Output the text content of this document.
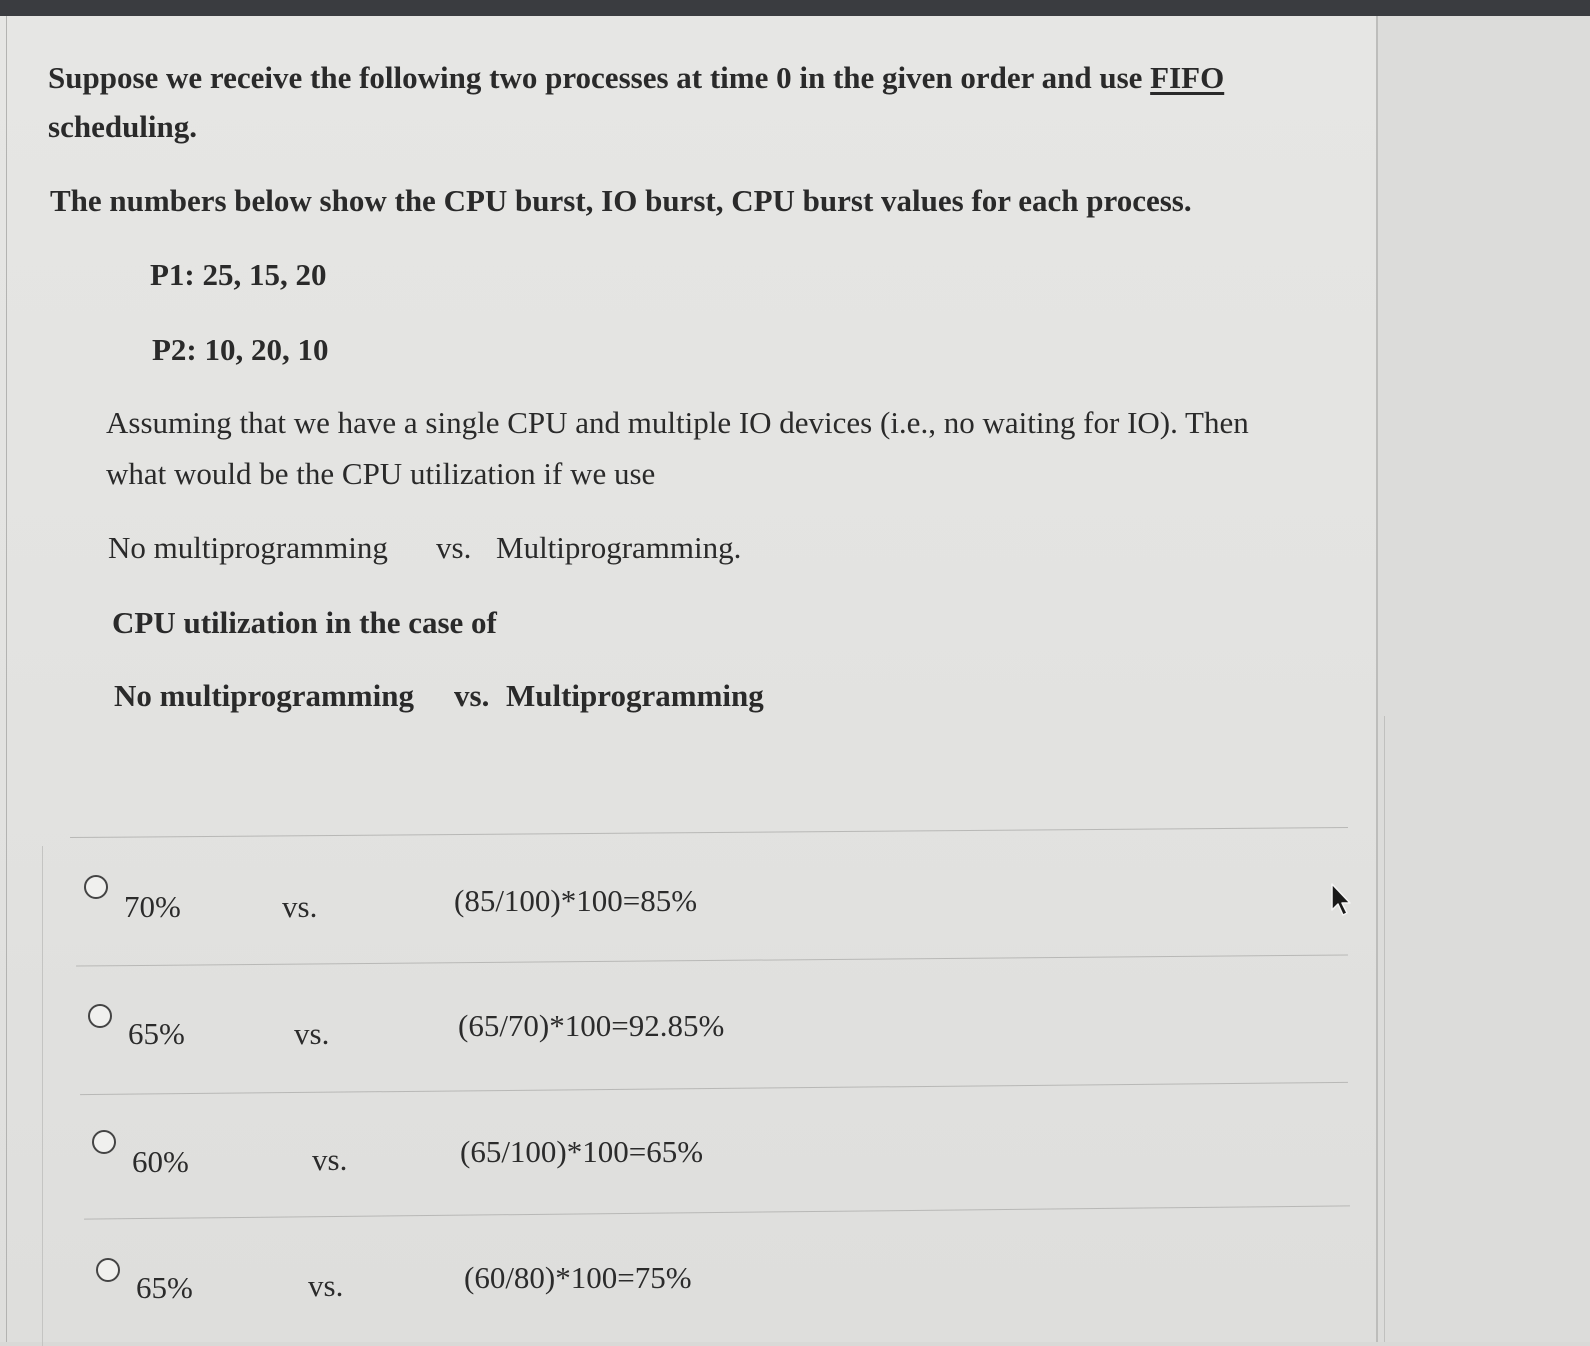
Suppose we receive the following two processes at time 0 in the given order and use FIFO
scheduling.
The numbers below show the CPU burst, IO burst, CPU burst values for each process.
P1: 25, 15, 20
P2: 10, 20, 10
Assuming that we have a single CPU and multiple IO devices (i.e., no waiting for IO). Then
what would be the CPU utilization if we use
No multiprogramming vs. Multiprogramming.
CPU utilization in the case of
No multiprogramming vs. Multiprogramming
70%	vs.	(85/100)*100=85%
65%	vs.	(65/70)*100=92.85%
60%	vs.	(65/100)*100=65%
65%	vs.	(60/80)*100=75%
